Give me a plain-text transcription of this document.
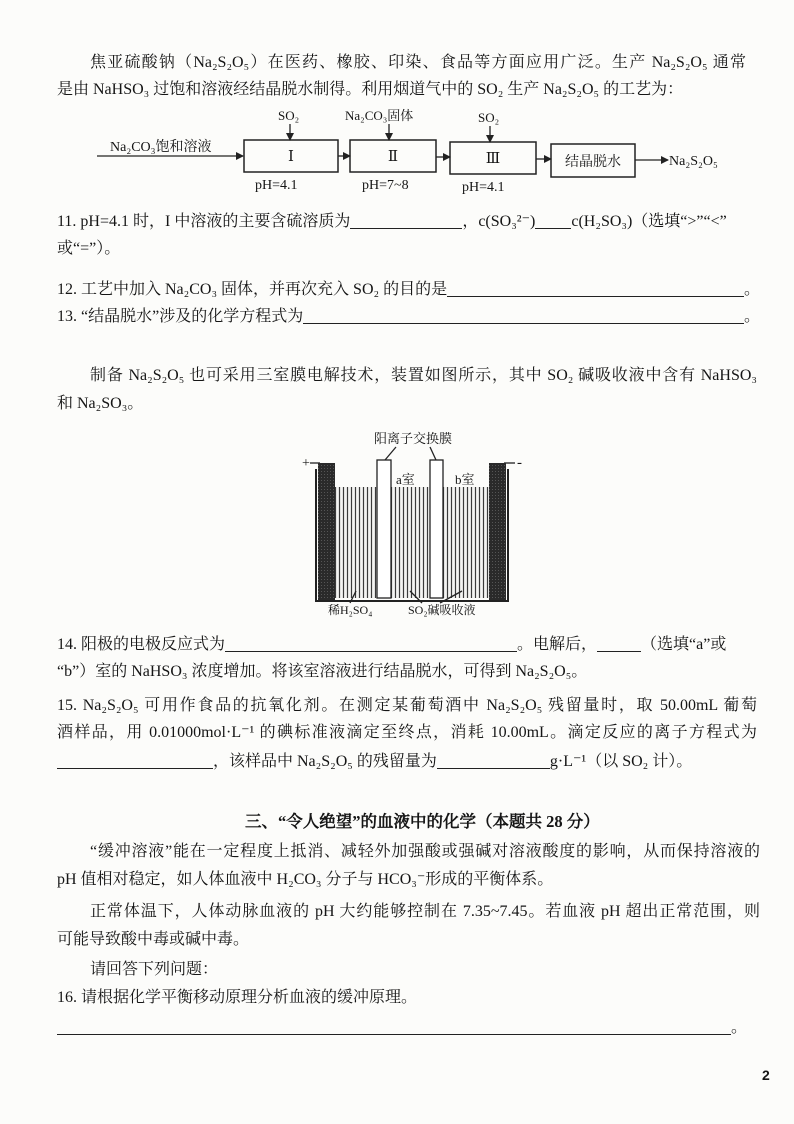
焦亚硫酸钠（Na₂S₂O₅）在医药、橡胶、印染、食品等方面应用广泛。生产 Na₂S₂O₅ 通常
是由 NaHSO₃ 过饱和溶液经结晶脱水制得。利用烟道气中的 SO₂ 生产 Na₂S₂O₅ 的工艺为：
Na₂CO₃饱和溶液
SO₂
Ⅰ
pH=4.1
Na₂CO₃固体
Ⅱ
pH=7~8
SO₂
Ⅲ
pH=4.1
结晶脱水	Na₂S₂O₅
11. pH=4.1 时，I 中溶液的主要含硫溶质为	，c(SO₃²⁻) c(H₂SO₃)（选填“>”“<”
或“=”）。
12. 工艺中加入 Na₂CO₃ 固体，并再次充入 SO₂ 的目的是	。
13. “结晶脱水”涉及的化学方程式为	。
制备 Na₂S₂O₅ 也可采用三室膜电解技术，装置如图所示，其中 SO₂ 碱吸收液中含有 NaHSO₃
和 Na₂SO₃。
阳离子交换膜
+	-
a室	b室
稀H₂SO₄	SO₂碱吸收液
14. 阳极的电极反应式为	。电解后，	（选填“a”或
“b”）室的 NaHSO₃ 浓度增加。将该室溶液进行结晶脱水，可得到 Na₂S₂O₅。
15. Na₂S₂O₅ 可用作食品的抗氧化剂。在测定某葡萄酒中 Na₂S₂O₅ 残留量时，取 50.00mL 葡萄
酒样品，用 0.01000mol·L⁻¹ 的碘标准液滴定至终点，消耗 10.00mL。滴定反应的离子方程式为
，该样品中 Na₂S₂O₅ 的残留量为	g·L⁻¹（以 SO₂ 计）。
三、“令人绝望”的血液中的化学（本题共 28 分）
“缓冲溶液”能在一定程度上抵消、减轻外加强酸或强碱对溶液酸度的影响，从而保持溶液的
pH 值相对稳定，如人体血液中 H₂CO₃ 分子与 HCO₃⁻形成的平衡体系。
正常体温下，人体动脉血液的 pH 大约能够控制在 7.35~7.45。若血液 pH 超出正常范围，则
可能导致酸中毒或碱中毒。
请回答下列问题：
16. 请根据化学平衡移动原理分析血液的缓冲原理。
。
2
